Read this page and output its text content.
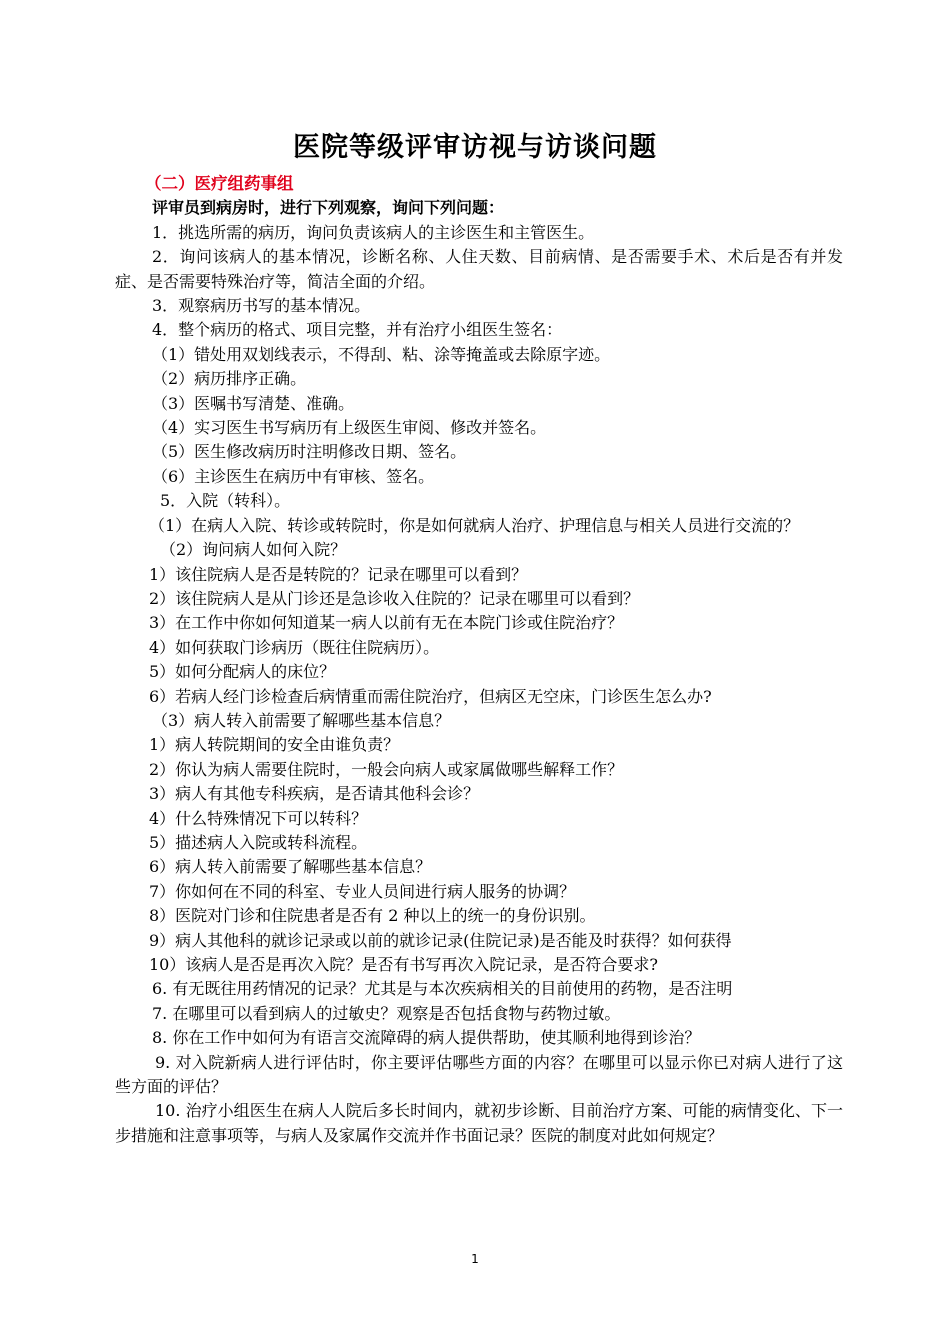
医院等级评审访视与访谈问题

（二）医疗组药事组

评审员到病房时，进行下列观察，询问下列问题：

1．挑选所需的病历，询问负责该病人的主诊医生和主管医生。

2．询问该病人的基本情况，诊断名称、人住天数、目前病情、是否需要手术、术后是否有并发症、是否需要特殊治疗等，简洁全面的介绍。

3．观察病历书写的基本情况。

4．整个病历的格式、项目完整，并有治疗小组医生签名：

（1）错处用双划线表示，不得刮、粘、涂等掩盖或去除原字迹。

（2）病历排序正确。

（3）医嘱书写清楚、准确。

（4）实习医生书写病历有上级医生审阅、修改并签名。

（5）医生修改病历时注明修改日期、签名。

（6）主诊医生在病历中有审核、签名。

5．入院（转科）。

（1）在病人入院、转诊或转院时，你是如何就病人治疗、护理信息与相关人员进行交流的？

（2）询问病人如何入院？

1）该住院病人是否是转院的？记录在哪里可以看到？

2）该住院病人是从门诊还是急诊收入住院的？记录在哪里可以看到？

3）在工作中你如何知道某一病人以前有无在本院门诊或住院治疗？

4）如何获取门诊病历（既往住院病历）。

5）如何分配病人的床位？

6）若病人经门诊检查后病情重而需住院治疗，但病区无空床，门诊医生怎么办?

（3）病人转入前需要了解哪些基本信息？

1）病人转院期间的安全由谁负责？

2）你认为病人需要住院时，一般会向病人或家属做哪些解释工作？

3）病人有其他专科疾病，是否请其他科会诊？

4）什么特殊情况下可以转科？

5）描述病人入院或转科流程。

6）病人转入前需要了解哪些基本信息？

7）你如何在不同的科室、专业人员间进行病人服务的协调？

8）医院对门诊和住院患者是否有 2 种以上的统一的身份识别。

9）病人其他科的就诊记录或以前的就诊记录(住院记录)是否能及时获得？如何获得

10）该病人是否是再次入院？是否有书写再次入院记录，是否符合要求?

6. 有无既往用药情况的记录？尤其是与本次疾病相关的目前使用的药物，是否注明

7. 在哪里可以看到病人的过敏史？观察是否包括食物与药物过敏。

8. 你在工作中如何为有语言交流障碍的病人提供帮助，使其顺利地得到诊治？

9. 对入院新病人进行评估时，你主要评估哪些方面的内容？在哪里可以显示你已对病人进行了这些方面的评估？

10. 治疗小组医生在病人人院后多长时间内，就初步诊断、目前治疗方案、可能的病情变化、下一步措施和注意事项等，与病人及家属作交流并作书面记录？医院的制度对此如何规定？

1
